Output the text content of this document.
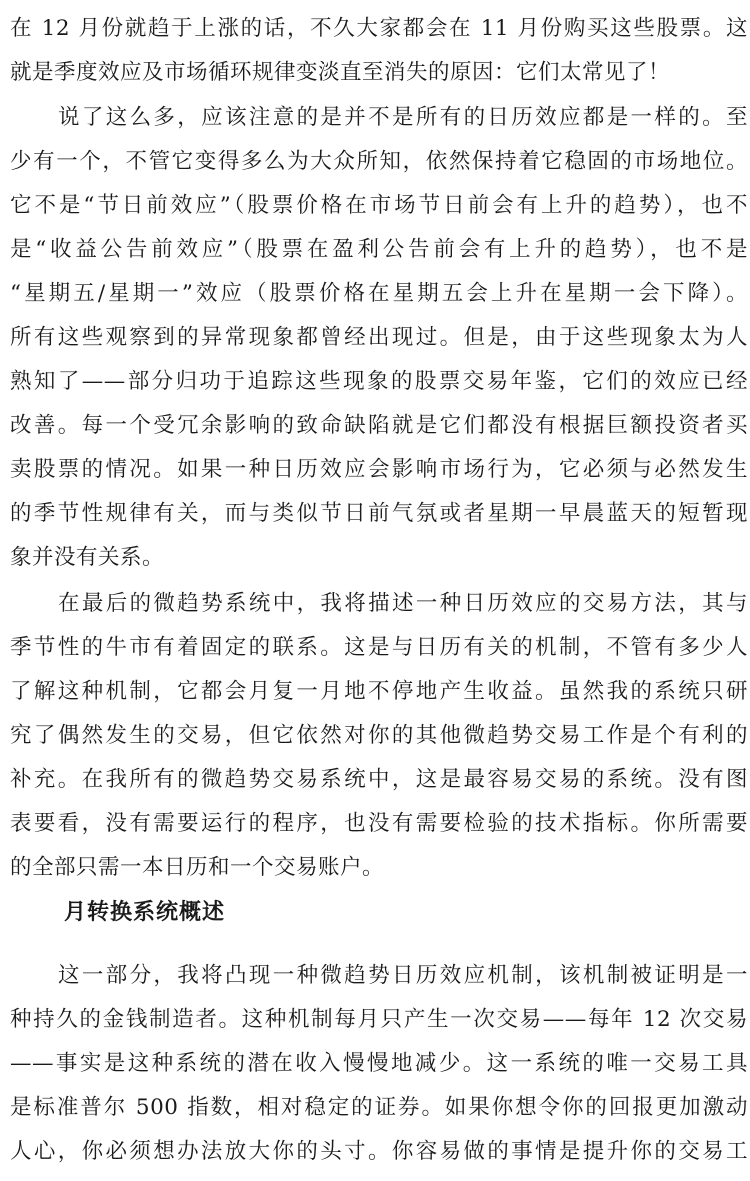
在 12 月份就趋于上涨的话，不久大家都会在 11 月份购买这些股票。这
就是季度效应及市场循环规律变淡直至消失的原因：它们太常见了！
说了这么多，应该注意的是并不是所有的日历效应都是一样的。至
少有一个，不管它变得多么为大众所知，依然保持着它稳固的市场地位。
它不是“节日前效应”（股票价格在市场节日前会有上升的趋势），也不
是“收益公告前效应”（股票在盈利公告前会有上升的趋势），也不是
“星期五/星期一”效应（股票价格在星期五会上升在星期一会下降）。
所有这些观察到的异常现象都曾经出现过。但是，由于这些现象太为人
熟知了——部分归功于追踪这些现象的股票交易年鉴，它们的效应已经
改善。每一个受冗余影响的致命缺陷就是它们都没有根据巨额投资者买
卖股票的情况。如果一种日历效应会影响市场行为，它必须与必然发生
的季节性规律有关，而与类似节日前气氛或者星期一早晨蓝天的短暂现
象并没有关系。
在最后的微趋势系统中，我将描述一种日历效应的交易方法，其与
季节性的牛市有着固定的联系。这是与日历有关的机制，不管有多少人
了解这种机制，它都会月复一月地不停地产生收益。虽然我的系统只研
究了偶然发生的交易，但它依然对你的其他微趋势交易工作是个有利的
补充。在我所有的微趋势交易系统中，这是最容易交易的系统。没有图
表要看，没有需要运行的程序，也没有需要检验的技术指标。你所需要
的全部只需一本日历和一个交易账户。
月转换系统概述
这一部分，我将凸现一种微趋势日历效应机制，该机制被证明是一
种持久的金钱制造者。这种机制每月只产生一次交易——每年 12 次交易
——事实是这种系统的潜在收入慢慢地减少。这一系统的唯一交易工具
是标准普尔 500 指数，相对稳定的证券。如果你想令你的回报更加激动
人心，你必须想办法放大你的头寸。你容易做的事情是提升你的交易工
